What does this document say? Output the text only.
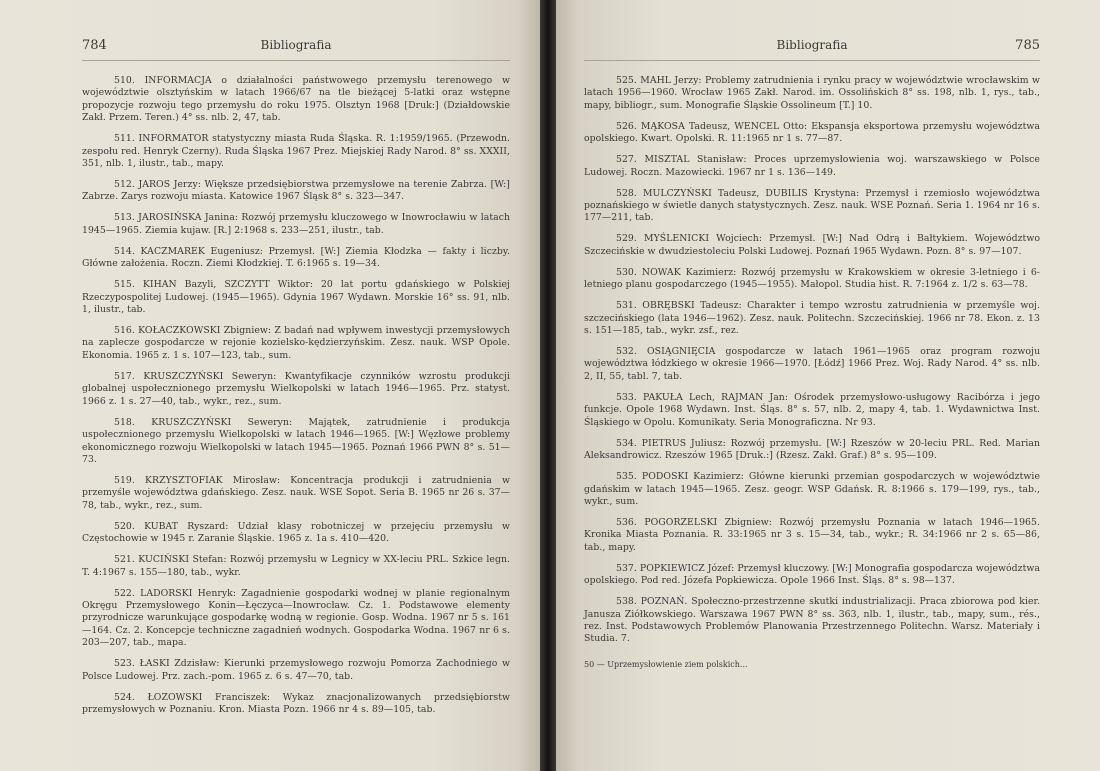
784	Bibliografia

510. INFORMACJA o działalności państwowego przemysłu terenowego w województwie olsztyńskim w latach 1966/67 na tle bieżącej 5-latki oraz wstępne propozycje rozwoju tego przemysłu do roku 1975. Olsztyn 1968 [Druk:] (Działdowskie Zakł. Przem. Teren.) 4° ss. nlb. 2, 47, tab.

511. INFORMATOR statystyczny miasta Ruda Śląska. R. 1:1959/1965. (Przewodn. zespołu red. Henryk Czerny). Ruda Śląska 1967 Prez. Miejskiej Rady Narod. 8° ss. XXXII, 351, nlb. 1, ilustr., tab., mapy.

512. JAROS Jerzy: Większe przedsiębiorstwa przemysłowe na terenie Zabrza. [W:] Zabrze. Zarys rozwoju miasta. Katowice 1967 Śląsk 8° s. 323—347.

513. JAROSIŃSKA Janina: Rozwój przemysłu kluczowego w Inowrocławiu w latach 1945—1965. Ziemia kujaw. [R.] 2:1968 s. 233—251, ilustr., tab.

514. KACZMAREK Eugeniusz: Przemysł. [W:] Ziemia Kłodzka — fakty i liczby. Główne założenia. Roczn. Ziemi Kłodzkiej. T. 6:1965 s. 19—34.

515. KIHAN Bazyli, SZCZYTT Wiktor: 20 lat portu gdańskiego w Polskiej Rzeczypospolitej Ludowej. (1945—1965). Gdynia 1967 Wydawn. Morskie 16° ss. 91, nlb. 1, ilustr., tab.

516. KOŁACZKOWSKI Zbigniew: Z badań nad wpływem inwestycji przemysłowych na zaplecze gospodarcze w rejonie kozielsko-kędzierzyńskim. Zesz. nauk. WSP Opole. Ekonomia. 1965 z. 1 s. 107—123, tab., sum.

517. KRUSZCZYŃSKI Seweryn: Kwantyfikacje czynników wzrostu produkcji globalnej uspołecznionego przemysłu Wielkopolski w latach 1946—1965. Prz. statyst. 1966 z. 1 s. 27—40, tab., wykr., rez., sum.

518. KRUSZCZYŃSKI Seweryn: Majątek, zatrudnienie i produkcja uspołecznionego przemysłu Wielkopolski w latach 1946—1965. [W:] Węzłowe problemy ekonomicznego rozwoju Wielkopolski w latach 1945—1965. Poznań 1966 PWN 8° s. 51—73.

519. KRZYSZTOFIAK Mirosław: Koncentracja produkcji i zatrudnienia w przemyśle województwa gdańskiego. Zesz. nauk. WSE Sopot. Seria B. 1965 nr 26 s. 37—78, tab., wykr., rez., sum.

520. KUBAT Ryszard: Udział klasy robotniczej w przejęciu przemysłu w Częstochowie w 1945 r. Zaranie Śląskie. 1965 z. 1a s. 410—420.

521. KUCIŃSKI Stefan: Rozwój przemysłu w Legnicy w XX-leciu PRL. Szkice legn. T. 4:1967 s. 155—180, tab., wykr.

522. LADORSKI Henryk: Zagadnienie gospodarki wodnej w planie regionalnym Okręgu Przemysłowego Konin—Łęczyca—Inowrocław. Cz. 1. Podstawowe elementy przyrodnicze warunkujące gospodarkę wodną w regionie. Gosp. Wodna. 1967 nr 5 s. 161—164. Cz. 2. Koncepcje techniczne zagadnień wodnych. Gospodarka Wodna. 1967 nr 6 s. 203—207, tab., mapa.

523. ŁASKI Zdzisław: Kierunki przemysłowego rozwoju Pomorza Zachodniego w Polsce Ludowej. Prz. zach.-pom. 1965 z. 6 s. 47—70, tab.

524. ŁOZOWSKI Franciszek: Wykaz znacjonalizowanych przedsiębiorstw przemysłowych w Poznaniu. Kron. Miasta Pozn. 1966 nr 4 s. 89—105, tab.

Bibliografia	785

525. MAHL Jerzy: Problemy zatrudnienia i rynku pracy w województwie wrocławskim w latach 1956—1960. Wrocław 1965 Zakł. Narod. im. Ossolińskich 8° ss. 198, nlb. 1, rys., tab., mapy, bibliogr., sum. Monografie Śląskie Ossolineum [T.] 10.

526. MĄKOSA Tadeusz, WENCEL Otto: Ekspansja eksportowa przemysłu województwa opolskiego. Kwart. Opolski. R. 11:1965 nr 1 s. 77—87.

527. MISZTAL Stanisław: Proces uprzemysłowienia woj. warszawskiego w Polsce Ludowej. Roczn. Mazowiecki. 1967 nr 1 s. 136—149.

528. MULCZYŃSKI Tadeusz, DUBILIS Krystyna: Przemysł i rzemiosło województwa poznańskiego w świetle danych statystycznych. Zesz. nauk. WSE Poznań. Seria 1. 1964 nr 16 s. 177—211, tab.

529. MYŚLENICKI Wojciech: Przemysł. [W:] Nad Odrą i Bałtykiem. Województwo Szczecińskie w dwudziestoleciu Polski Ludowej. Poznań 1965 Wydawn. Pozn. 8° s. 97—107.

530. NOWAK Kazimierz: Rozwój przemysłu w Krakowskiem w okresie 3-letniego i 6-letniego planu gospodarczego (1945—1955). Małopol. Studia hist. R. 7:1964 z. 1/2 s. 63—78.

531. OBRĘBSKI Tadeusz: Charakter i tempo wzrostu zatrudnienia w przemyśle woj. szczecińskiego (lata 1946—1962). Zesz. nauk. Politechn. Szczecińskiej. 1966 nr 78. Ekon. z. 13 s. 151—185, tab., wykr. zsf., rez.

532. OSIĄGNIĘCIA gospodarcze w latach 1961—1965 oraz program rozwoju województwa łódzkiego w okresie 1966—1970. [Łódź] 1966 Prez. Woj. Rady Narod. 4° ss. nlb. 2, II, 55, tabl. 7, tab.

533. PAKUŁA Lech, RAJMAN Jan: Ośrodek przemysłowo-usługowy Racibórza i jego funkcje. Opole 1968 Wydawn. Inst. Śląs. 8° s. 57, nlb. 2, mapy 4, tab. 1. Wydawnictwa Inst. Śląskiego w Opolu. Komunikaty. Seria Monograficzna. Nr 93.

534. PIETRUS Juliusz: Rozwój przemysłu. [W:] Rzeszów w 20-leciu PRL. Red. Marian Aleksandrowicz. Rzeszów 1965 [Druk.:] (Rzesz. Zakł. Graf.) 8° s. 95—109.

535. PODOSKI Kazimierz: Główne kierunki przemian gospodarczych w województwie gdańskim w latach 1945—1965. Zesz. geogr. WSP Gdańsk. R. 8:1966 s. 179—199, rys., tab., wykr., sum.

536. POGORZELSKI Zbigniew: Rozwój przemysłu Poznania w latach 1946—1965. Kronika Miasta Poznania. R. 33:1965 nr 3 s. 15—34, tab., wykr.; R. 34:1966 nr 2 s. 65—86, tab., mapy.

537. POPKIEWICZ Józef: Przemysł kluczowy. [W:] Monografia gospodarcza województwa opolskiego. Pod red. Józefa Popkiewicza. Opole 1966 Inst. Śląs. 8° s. 98—137.

538. POZNAŃ. Społeczno-przestrzenne skutki industrializacji. Praca zbiorowa pod kier. Janusza Ziółkowskiego. Warszawa 1967 PWN 8° ss. 363, nlb. 1, ilustr., tab., mapy, sum., rés., rez. Inst. Podstawowych Problemów Planowania Przestrzennego Politechn. Warsz. Materiały i Studia. 7.

50 — Uprzemysłowienie ziem polskich...
